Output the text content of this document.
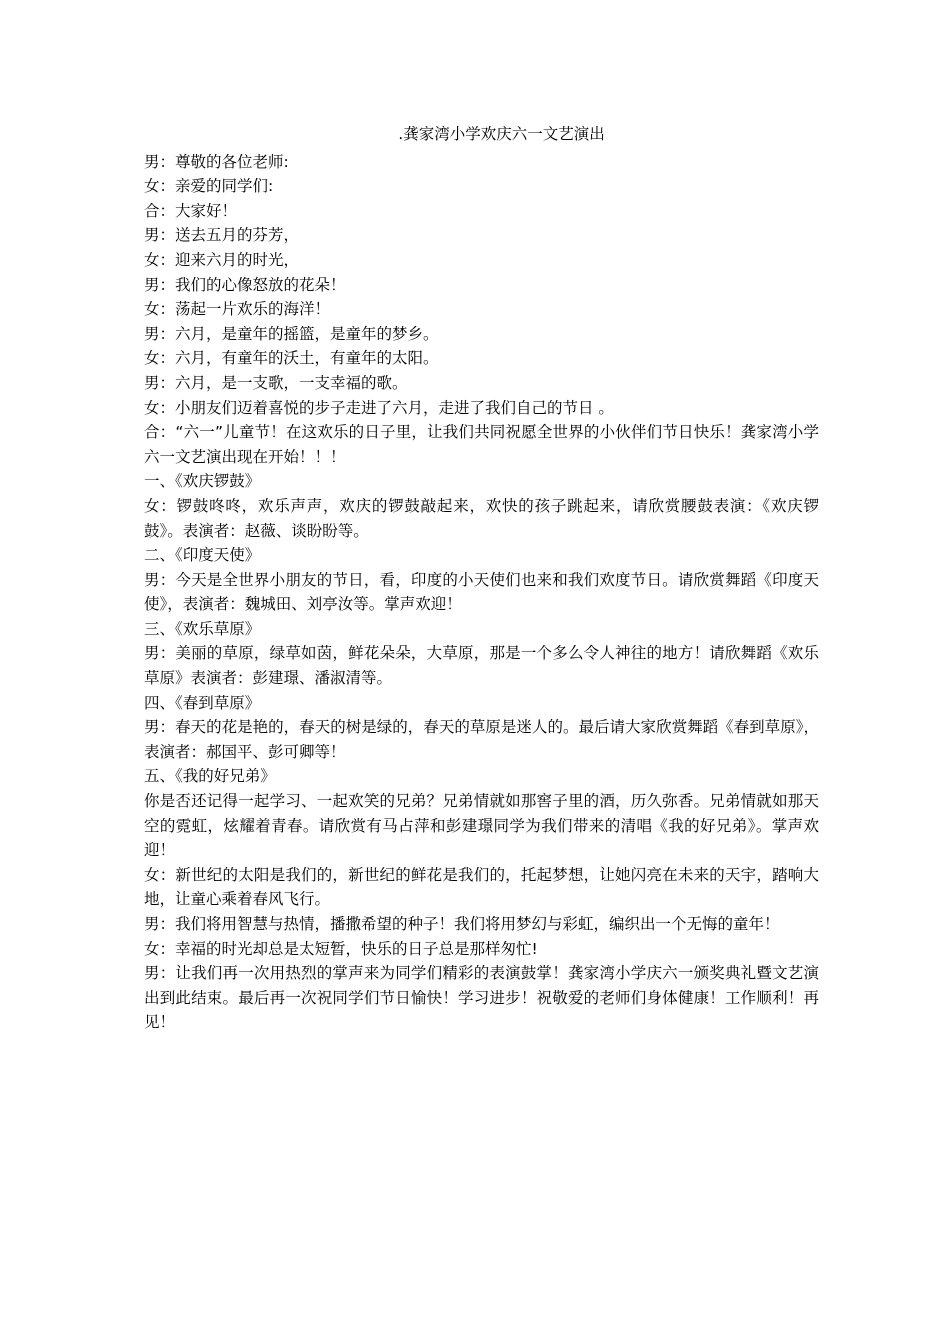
.龚家湾小学欢庆六一文艺演出

男：尊敬的各位老师:

女：亲爱的同学们:

合：大家好！

男：送去五月的芬芳，

女：迎来六月的时光，

男：我们的心像怒放的花朵！

女：荡起一片欢乐的海洋！

男：六月，是童年的摇篮，是童年的梦乡。

女：六月，有童年的沃土，有童年的太阳。

男：六月，是一支歌，一支幸福的歌。

女：小朋友们迈着喜悦的步子走进了六月，走进了我们自己的节日 。

合：“六一”儿童节！在这欢乐的日子里，让我们共同祝愿全世界的小伙伴们节日快乐！龚家湾小学六一文艺演出现在开始！！！

一、《欢庆锣鼓》

女：锣鼓咚咚，欢乐声声，欢庆的锣鼓敲起来，欢快的孩子跳起来，请欣赏腰鼓表演：《欢庆锣鼓》。表演者：赵薇、谈盼盼等。

二、《印度天使》

男：今天是全世界小朋友的节日，看，印度的小天使们也来和我们欢度节日。请欣赏舞蹈《印度天使》，表演者：魏城田、刘亭汝等。掌声欢迎！

三、《欢乐草原》

男：美丽的草原，绿草如茵，鲜花朵朵，大草原，那是一个多么令人神往的地方！请欣舞蹈《欢乐草原》表演者：彭建璟、潘淑清等。

四、《春到草原》

男：春天的花是艳的，春天的树是绿的，春天的草原是迷人的。最后请大家欣赏舞蹈《春到草原》，表演者：郝国平、彭可卿等！

五、《我的好兄弟》

你是否还记得一起学习、一起欢笑的兄弟？兄弟情就如那窖子里的酒，历久弥香。兄弟情就如那天空的霓虹，炫耀着青春。请欣赏有马占萍和彭建璟同学为我们带来的清唱《我的好兄弟》。掌声欢迎！

女：新世纪的太阳是我们的，新世纪的鲜花是我们的，托起梦想，让她闪亮在未来的天宇，踏响大地，让童心乘着春风飞行。

男：我们将用智慧与热情，播撒希望的种子！我们将用梦幻与彩虹，编织出一个无悔的童年！

女：幸福的时光却总是太短暂，快乐的日子总是那样匆忙!

男：让我们再一次用热烈的掌声来为同学们精彩的表演鼓掌！龚家湾小学庆六一颁奖典礼暨文艺演出到此结束。最后再一次祝同学们节日愉快！学习进步！祝敬爱的老师们身体健康！工作顺利！再见！
